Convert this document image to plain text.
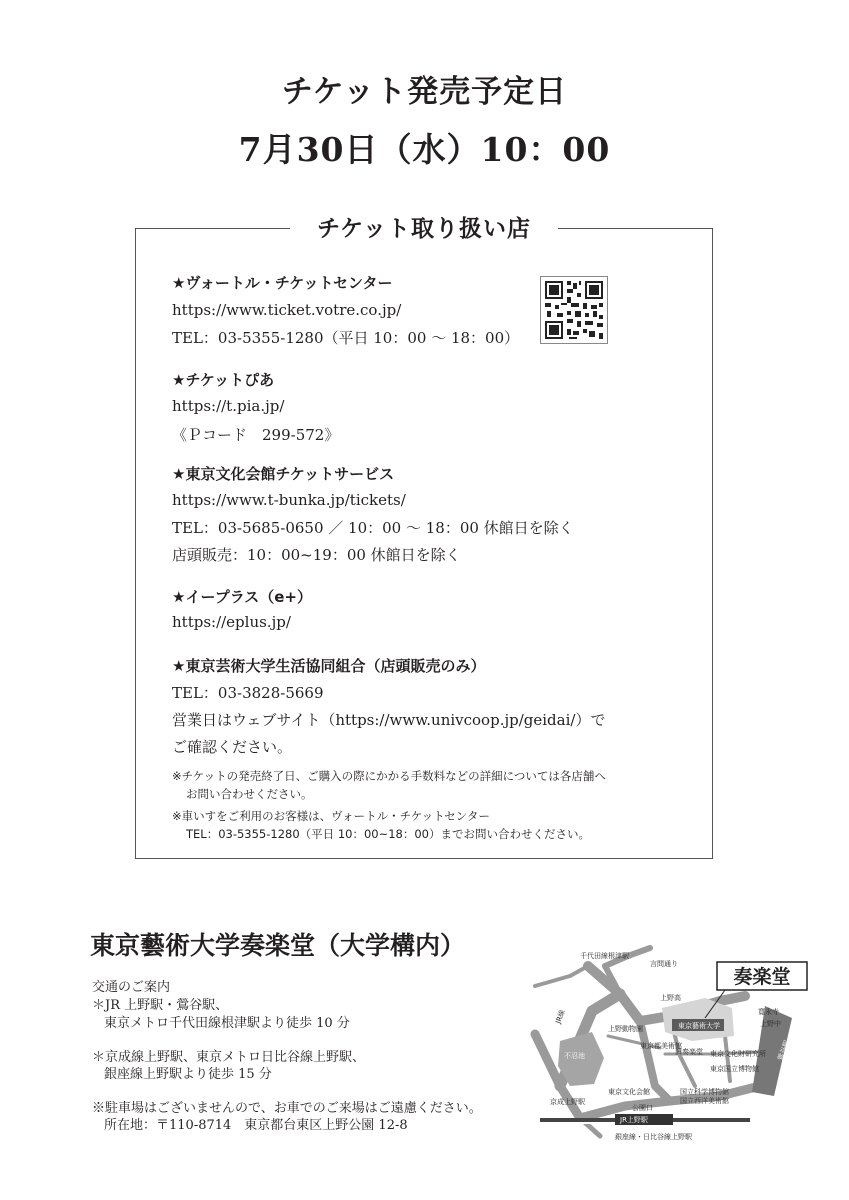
チケット発売予定日
7月30日（水）10：00
チケット取り扱い店
★ヴォートル・チケットセンター
https://www.ticket.votre.co.jp/
TEL：03-5355-1280（平日 10：00 〜 18：00）
★チケットぴあ
https://t.pia.jp/
《Ｐコード　299-572》
★東京文化会館チケットサービス
https://www.t-bunka.jp/tickets/
TEL：03-5685-0650 ／ 10：00 〜 18：00 休館日を除く
店頭販売：10：00~19：00 休館日を除く
★イープラス（e+）
https://eplus.jp/
★東京芸術大学生活協同組合（店頭販売のみ）
TEL：03-3828-5669
営業日はウェブサイト（https://www.univcoop.jp/geidai/）で
ご確認ください。
※チケットの発売終了日、ご購入の際にかかる手数料などの詳細については各店舗へ
お問い合わせください。
※車いすをご利用のお客様は、ヴォートル・チケットセンター
TEL：03-5355-1280（平日 10：00~18：00）までお問い合わせください。
東京藝術大学奏楽堂（大学構内）
交通のご案内
＊JR 上野駅・鶯谷駅、
東京メトロ千代田線根津駅より徒歩 10 分
＊京成線上野駅、東京メトロ日比谷線上野駅、
銀座線上野駅より徒歩 15 分
※駐車場はございませんので、お車でのご来場はご遠慮ください。
所在地：〒110-8714　東京都台東区上野公園 12-8
奏楽堂
千代田線根津駅
言問通り
上野高
東京藝術大学
上野動物園
鶯谷駅
不忍池
東京都美術館
旧奏楽堂 東京文化財研究所
東京国立博物館
東京文化会館	国立科学博物館
国立西洋美術館
京成上野駅
JR上野駅
銀座線・日比谷線上野駅
公園口
JR線	上野中
寛永寺
